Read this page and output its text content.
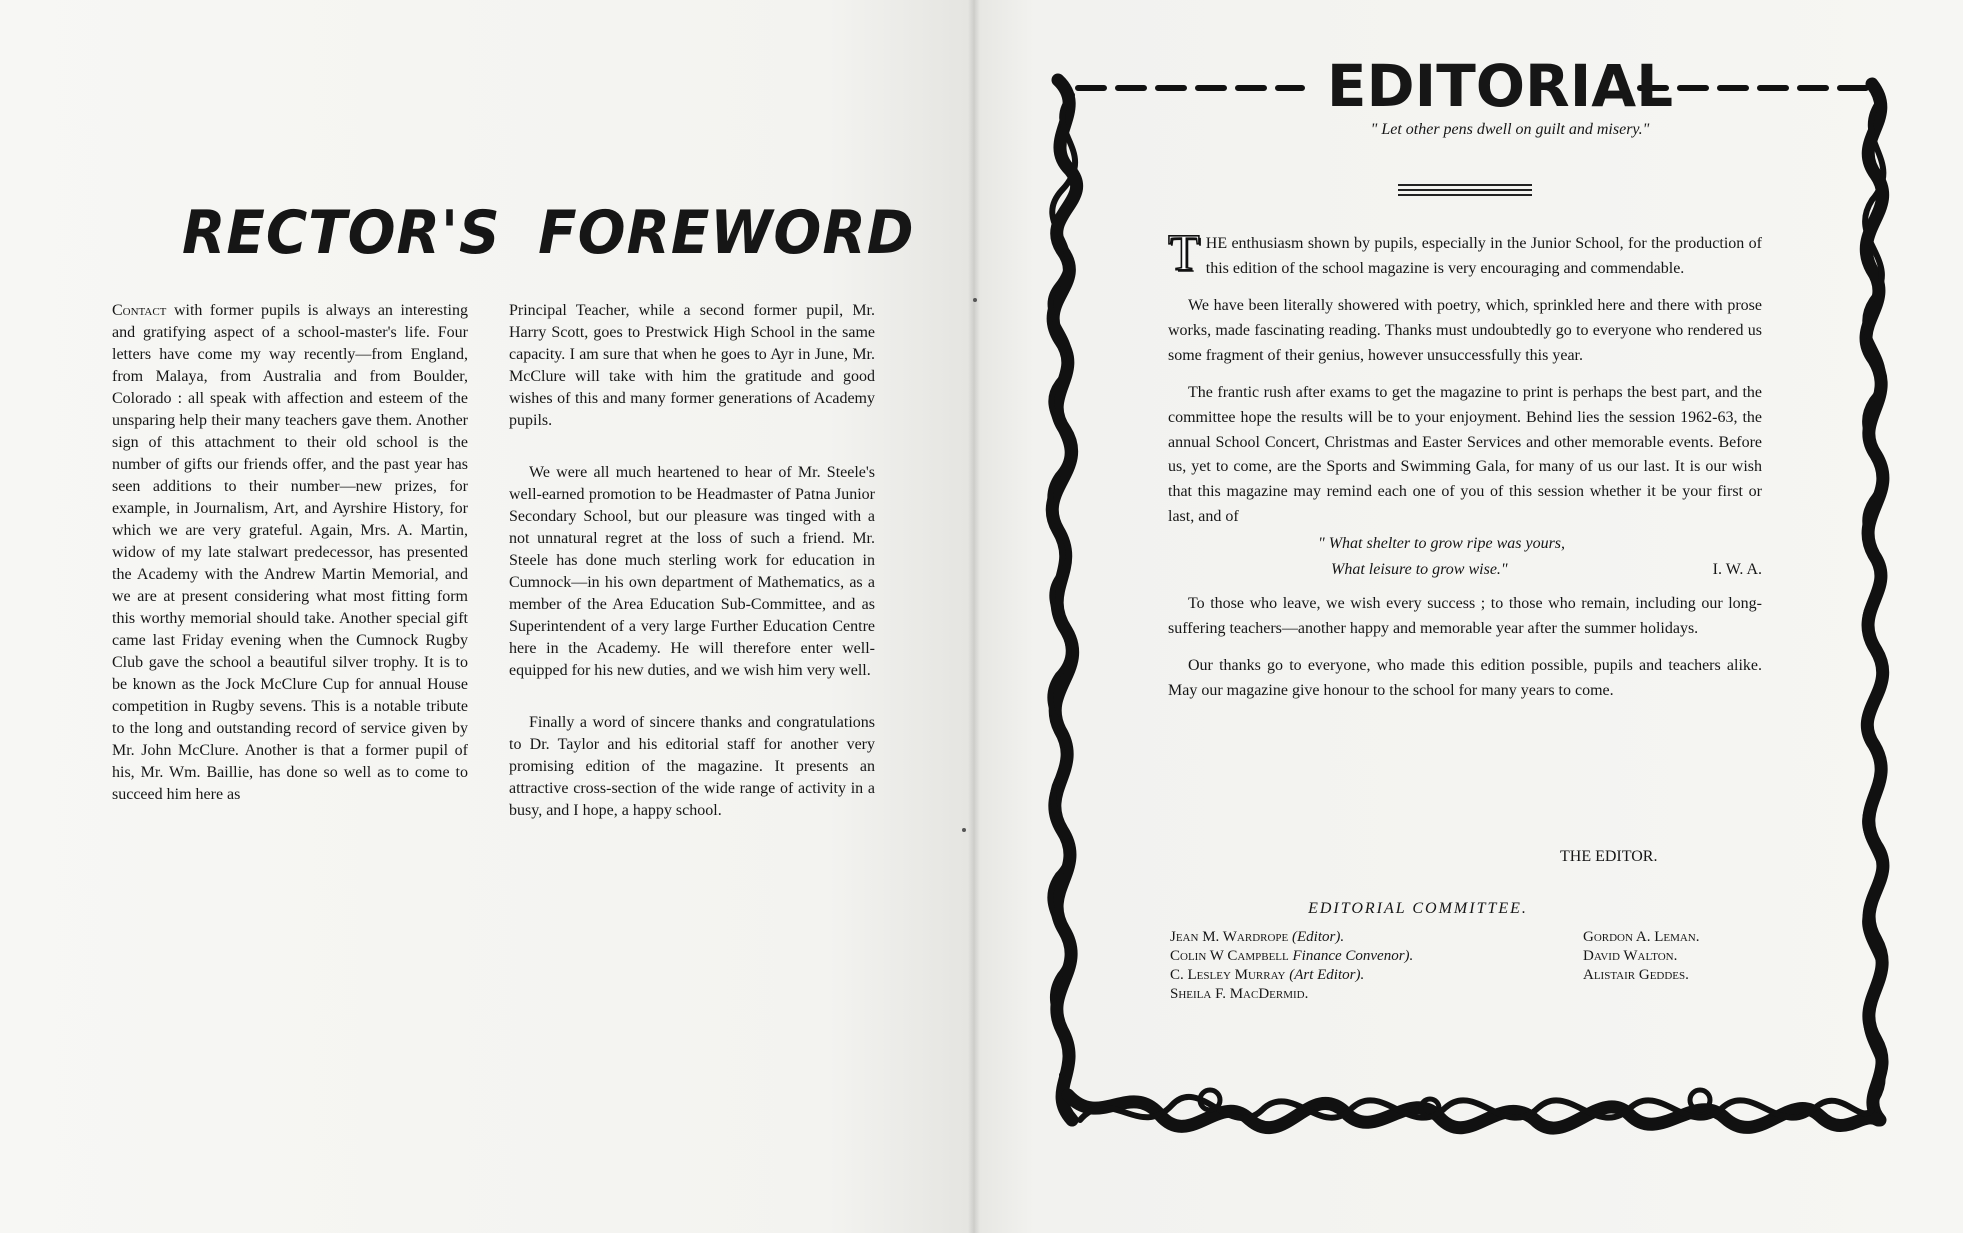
RECTOR'S FOREWORD

Contact with former pupils is always an interesting and gratifying aspect of a school-master's life. Four letters have come my way recently—from England, from Malaya, from Australia and from Boulder, Colorado : all speak with affection and esteem of the unsparing help their many teachers gave them. Another sign of this attachment to their old school is the number of gifts our friends offer, and the past year has seen additions to their number—new prizes, for example, in Journalism, Art, and Ayrshire History, for which we are very grateful. Again, Mrs. A. Martin, widow of my late stalwart predecessor, has presented the Academy with the Andrew Martin Memorial, and we are at present considering what most fitting form this worthy memorial should take. Another special gift came last Friday evening when the Cumnock Rugby Club gave the school a beautiful silver trophy. It is to be known as the Jock McClure Cup for annual House competition in Rugby sevens. This is a notable tribute to the long and outstanding record of service given by Mr. John McClure. Another is that a former pupil of his, Mr. Wm. Baillie, has done so well as to come to succeed him here as

Principal Teacher, while a second former pupil, Mr. Harry Scott, goes to Prestwick High School in the same capacity. I am sure that when he goes to Ayr in June, Mr. McClure will take with him the gratitude and good wishes of this and many former generations of Academy pupils.

We were all much heartened to hear of Mr. Steele's well-earned promotion to be Headmaster of Patna Junior Secondary School, but our pleasure was tinged with a not unnatural regret at the loss of such a friend. Mr. Steele has done much sterling work for education in Cumnock—in his own department of Mathematics, as a member of the Area Education Sub-Committee, and as Superintendent of a very large Further Education Centre here in the Academy. He will therefore enter well-equipped for his new duties, and we wish him very well.

Finally a word of sincere thanks and congratulations to Dr. Taylor and his editorial staff for another very promising edition of the magazine. It presents an attractive cross-section of the wide range of activity in a busy, and I hope, a happy school.

EDITORIAL
" Let other pens dwell on guilt and misery."

THE enthusiasm shown by pupils, especially in the Junior School, for the production of this edition of the school magazine is very encouraging and commendable.

We have been literally showered with poetry, which, sprinkled here and there with prose works, made fascinating reading. Thanks must undoubtedly go to everyone who rendered us some fragment of their genius, however unsuccessfully this year.

The frantic rush after exams to get the magazine to print is perhaps the best part, and the committee hope the results will be to your enjoyment. Behind lies the session 1962-63, the annual School Concert, Christmas and Easter Services and other memorable events. Before us, yet to come, are the Sports and Swimming Gala, for many of us our last. It is our wish that this magazine may remind each one of you of this session whether it be your first or last, and of

" What shelter to grow ripe was yours,
What leisure to grow wise."	I. W. A.

To those who leave, we wish every success ; to those who remain, including our long-suffering teachers—another happy and memorable year after the summer holidays.

Our thanks go to everyone, who made this edition possible, pupils and teachers alike. May our magazine give honour to the school for many years to come.

THE EDITOR.
EDITORIAL COMMITTEE.
Jean M. Wardrope (Editor).
Colin W Campbell Finance Convenor).
C. Lesley Murray (Art Editor).
Sheila F. MacDermid.
Gordon A. Leman.
David Walton.
Alistair Geddes.
